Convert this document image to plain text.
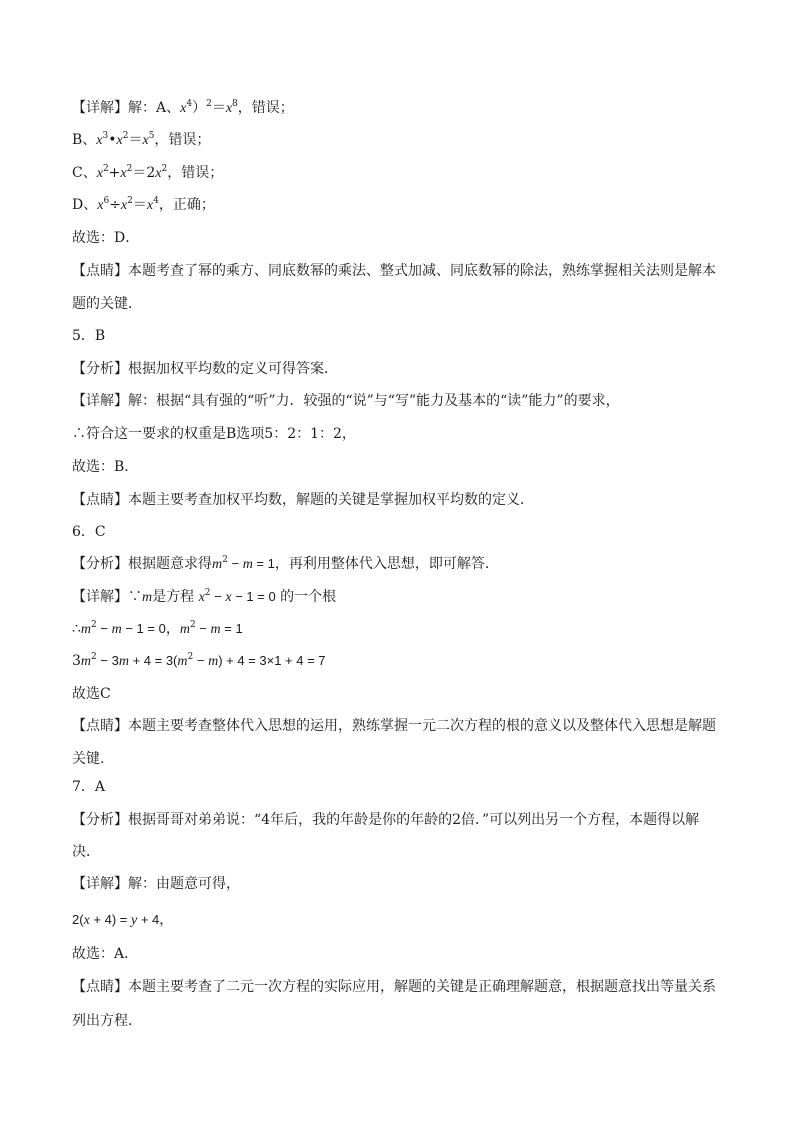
【详解】解：A、$x^4)^2=x^8$，错误；
B、$x^3•x^2=x^5$，错误；
C、$x^2+x^2=2x^2$，错误；
D、$x^6\div x^2=x^4$，正确；
故选：D．
【点睛】本题考查了幂的乘方、同底数幂的乘法、整式加减、同底数幂的除法，熟练掌握相关法则是解本
题的关键．
5．B
【分析】根据加权平均数的定义可得答案．
【详解】解：根据“具有强的“听”力．较强的“说”与“写”能力及基本的“读”能力”的要求，
∴符合这一要求的权重是B选项5：2：1：2，
故选：B．
【点睛】本题主要考查加权平均数，解题的关键是掌握加权平均数的定义．
6．C
【分析】根据题意求得$m^2 - m = 1$，再利用整体代入思想，即可解答.
【详解】∵m是方程 $x^2 - x - 1 = 0$ 的一个根
$\therefore m^2 - m - 1 = 0$，$m^2 - m = 1$
$3m^2 - 3m + 4 = 3(m^2 - m) + 4 = 3\times 1 + 4 = 7$
故选C
【点睛】本题主要考查整体代入思想的运用，熟练掌握一元二次方程的根的意义以及整体代入思想是解题
关键.
7．A
【分析】根据哥哥对弟弟说：“4年后，我的年龄是你的年龄的2倍．”可以列出另一个方程，本题得以解
决．
【详解】解：由题意可得，
2(x + 4) = y + 4，
故选：A．
【点睛】本题主要考查了二元一次方程的实际应用，解题的关键是正确理解题意，根据题意找出等量关系
列出方程．
